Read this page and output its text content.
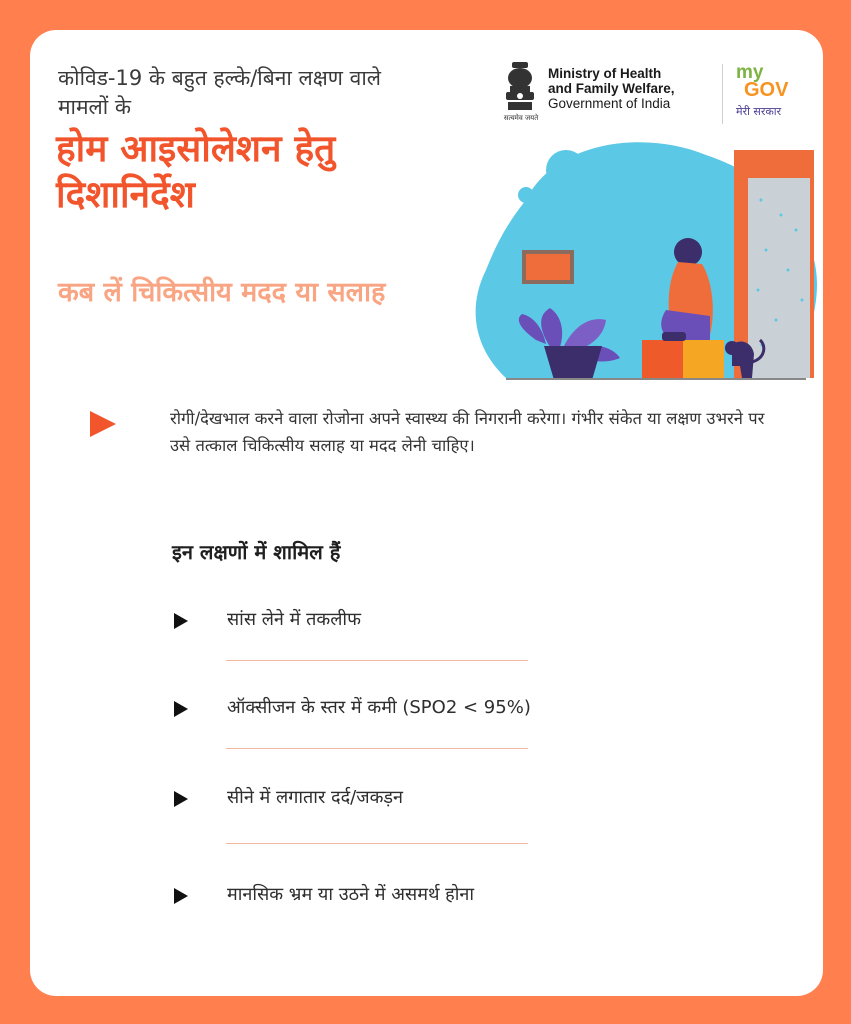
कोविड-19 के बहुत हल्के/बिना लक्षण वाले मामलों के
होम आइसोलेशन हेतु दिशानिर्देश
कब लें चिकित्सीय मदद या सलाह
सत्यमेव जयते
Ministry of Health
and Family Welfare,
Government of India
my
GOV
मेरी सरकार
रोगी/देखभाल करने वाला रोजोना अपने स्वास्थ्य की निगरानी करेगा। गंभीर संकेत या लक्षण उभरने पर उसे तत्काल चिकित्सीय सलाह या मदद लेनी चाहिए।
इन लक्षणों में शामिल हैं
सांस लेने में तकलीफ
ऑक्सीजन के स्तर में कमी (SPO2 < 95%)
सीने में लगातार दर्द/जकड़न
मानसिक भ्रम या उठने में असमर्थ होना
